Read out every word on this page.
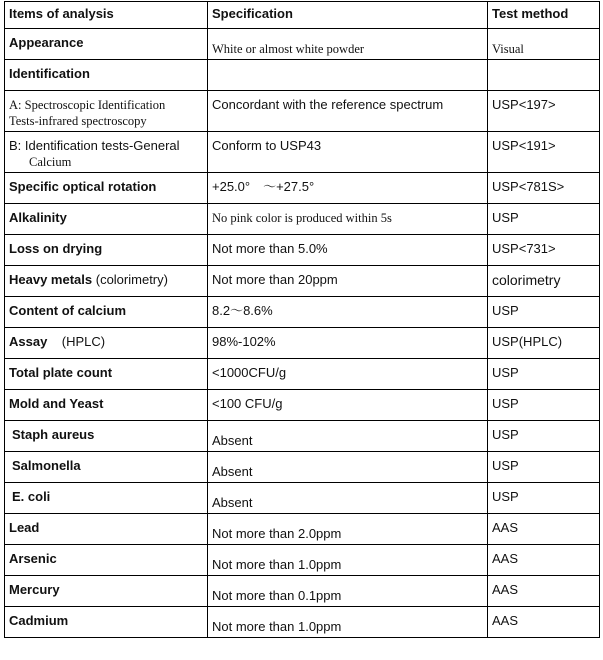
Items of analysis	Specification	Test method
Appearance	White or almost white powder	Visual
Identification		

A: Spectroscopic Identification
Tests-infrared spectroscopy	Concordant with the reference spectrum	USP<197>

B: Identification tests-General
Calcium	Conform to USP43	USP<191>
Specific optical rotation	+25.0°　～+27.5°	USP<781S>
Alkalinity	No pink color is produced within 5s	USP
Loss on drying	Not more than 5.0%	USP<731>
Heavy metals (colorimetry)	Not more than 20ppm	colorimetry
Content of calcium	8.2～8.6%	USP
Assay    (HPLC)	98%-102%	USP(HPLC)
Total plate count	<1000CFU/g	USP
Mold and Yeast	<100 CFU/g	USP
Staph aureus	Absent	USP
Salmonella	Absent	USP
E. coli	Absent	USP
Lead	Not more than 2.0ppm	AAS
Arsenic	Not more than 1.0ppm	AAS
Mercury	Not more than 0.1ppm	AAS
Cadmium	Not more than 1.0ppm	AAS
